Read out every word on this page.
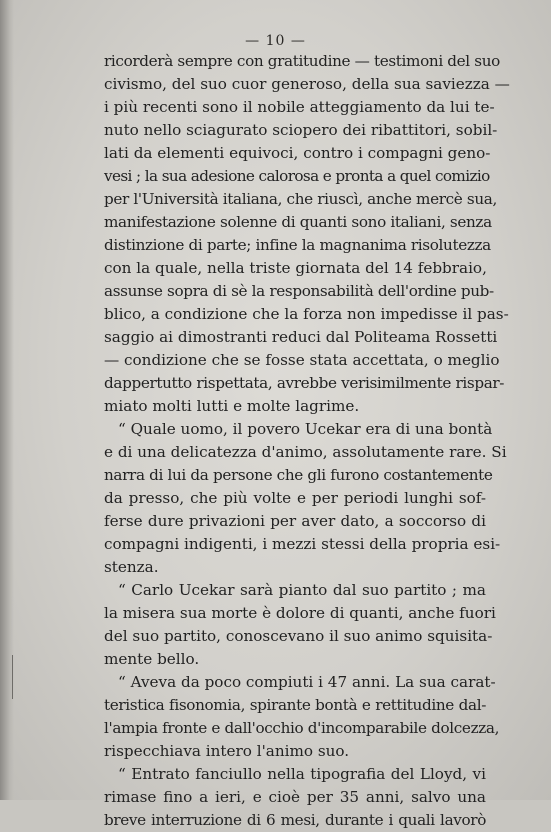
— 10 —
ricorderà sempre con gratitudine — testimoni del suo
civismo, del suo cuor generoso, della sua saviezza —
i più recenti sono il nobile atteggiamento da lui te-
nuto nello sciagurato sciopero dei ribattitori, sobil-
lati da elementi equivoci, contro i compagni geno-
vesi ; la sua adesione calorosa e pronta a quel comizio
per l'Università italiana, che riuscì, anche mercè sua,
manifestazione solenne di quanti sono italiani, senza
distinzione di parte; infine la magnanima risolutezza
con la quale, nella triste giornata del 14 febbraio,
assunse sopra di sè la responsabilità dell'ordine pub-
blico, a condizione che la forza non impedisse il pas-
saggio ai dimostranti reduci dal Politeama Rossetti
— condizione che se fosse stata accettata, o meglio
dappertutto rispettata, avrebbe verisimilmente rispar-
miato molti lutti e molte lagrime.
“ Quale uomo, il povero Ucekar era di una bontà
e di una delicatezza d'animo, assolutamente rare. Si
narra di lui da persone che gli furono costantemente
da presso, che più volte e per periodi lunghi sof-
ferse dure privazioni per aver dato, a soccorso di
compagni indigenti, i mezzi stessi della propria esi-
stenza.
“ Carlo Ucekar sarà pianto dal suo partito ; ma
la misera sua morte è dolore di quanti, anche fuori
del suo partito, conoscevano il suo animo squisita-
mente bello.
“ Aveva da poco compiuti i 47 anni. La sua carat-
teristica fisonomia, spirante bontà e rettitudine dal-
l'ampia fronte e dall'occhio d'incomparabile dolcezza,
rispecchiava intero l'animo suo.
“ Entrato fanciullo nella tipografia del Lloyd, vi
rimase fino a ieri, e cioè per 35 anni, salvo una
breve interruzione di 6 mesi, durante i quali lavorò
